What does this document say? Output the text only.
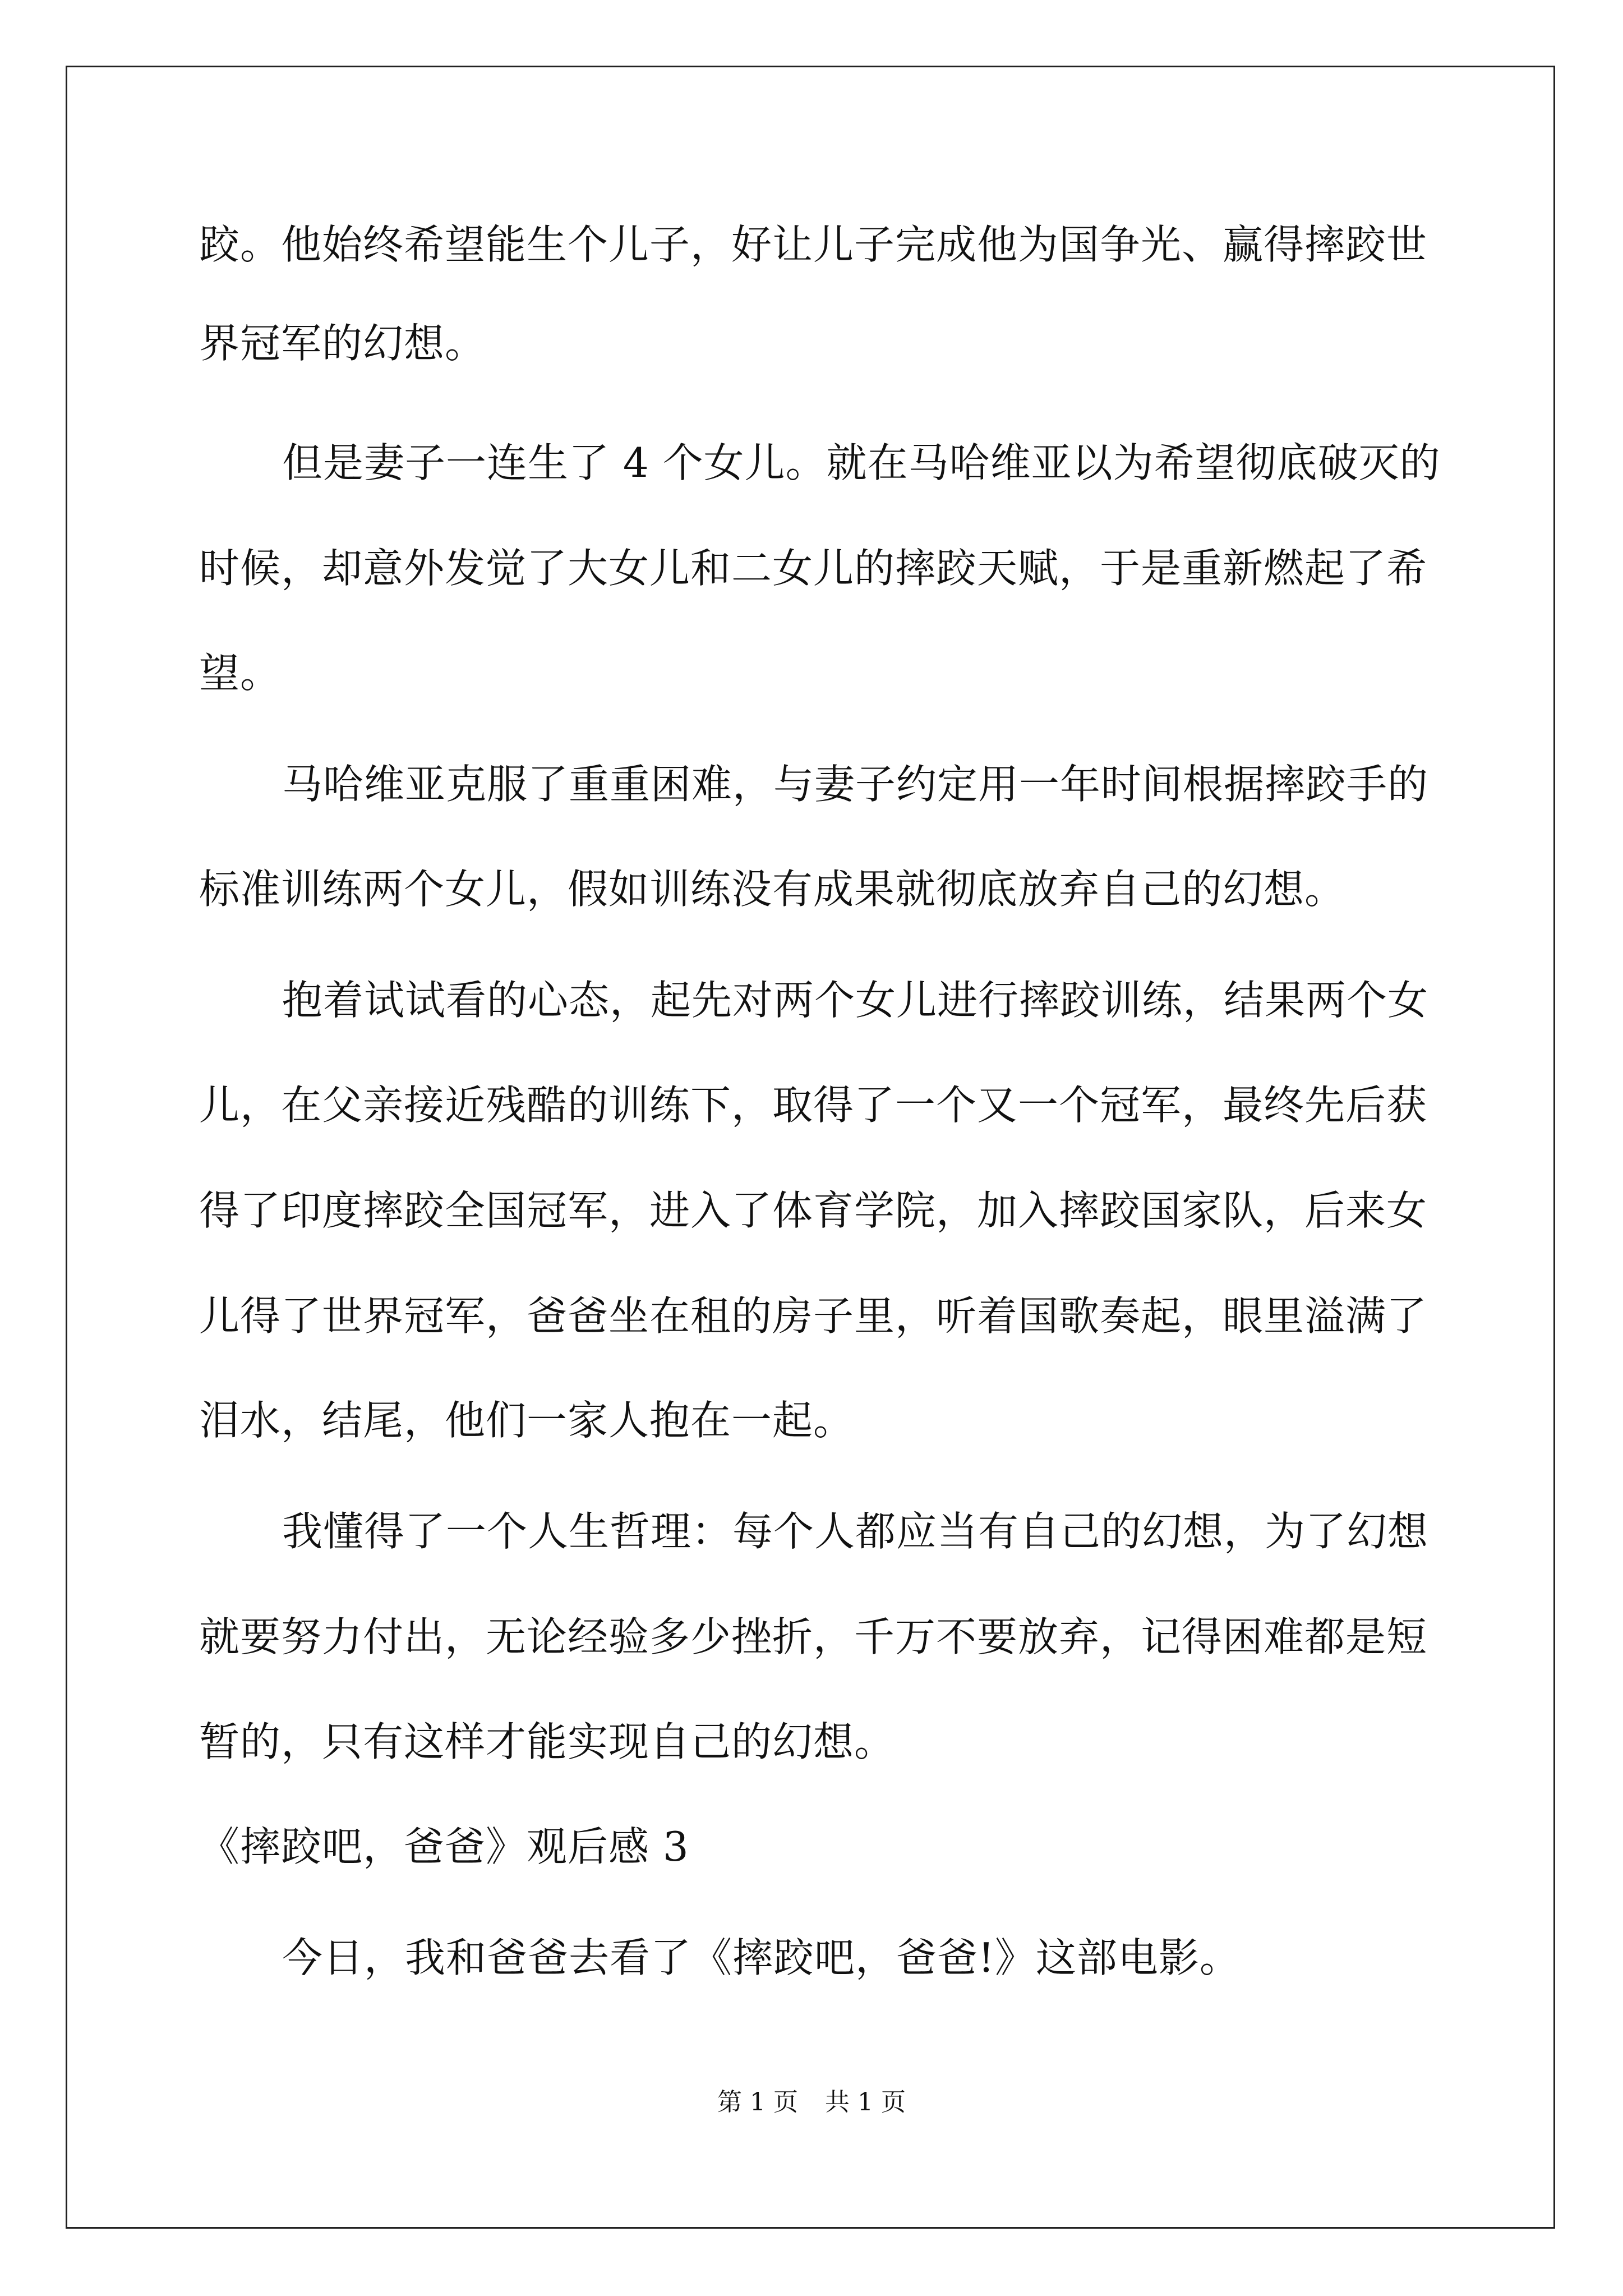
跤。他始终希望能生个儿子，好让儿子完成他为国争光、赢得摔跤世
界冠军的幻想。
但是妻子一连生了 4 个女儿。就在马哈维亚以为希望彻底破灭的
时候，却意外发觉了大女儿和二女儿的摔跤天赋，于是重新燃起了希
望。
马哈维亚克服了重重困难，与妻子约定用一年时间根据摔跤手的
标准训练两个女儿，假如训练没有成果就彻底放弃自己的幻想。
抱着试试看的心态，起先对两个女儿进行摔跤训练，结果两个女
儿，在父亲接近残酷的训练下，取得了一个又一个冠军，最终先后获
得了印度摔跤全国冠军，进入了体育学院，加入摔跤国家队，后来女
儿得了世界冠军，爸爸坐在租的房子里，听着国歌奏起，眼里溢满了
泪水，结尾，他们一家人抱在一起。
我懂得了一个人生哲理：每个人都应当有自己的幻想，为了幻想
就要努力付出，无论经验多少挫折，千万不要放弃，记得困难都是短
暂的，只有这样才能实现自己的幻想。
《摔跤吧，爸爸》观后感 3
今日，我和爸爸去看了《摔跤吧，爸爸!》这部电影。
第 1 页 共 1 页
